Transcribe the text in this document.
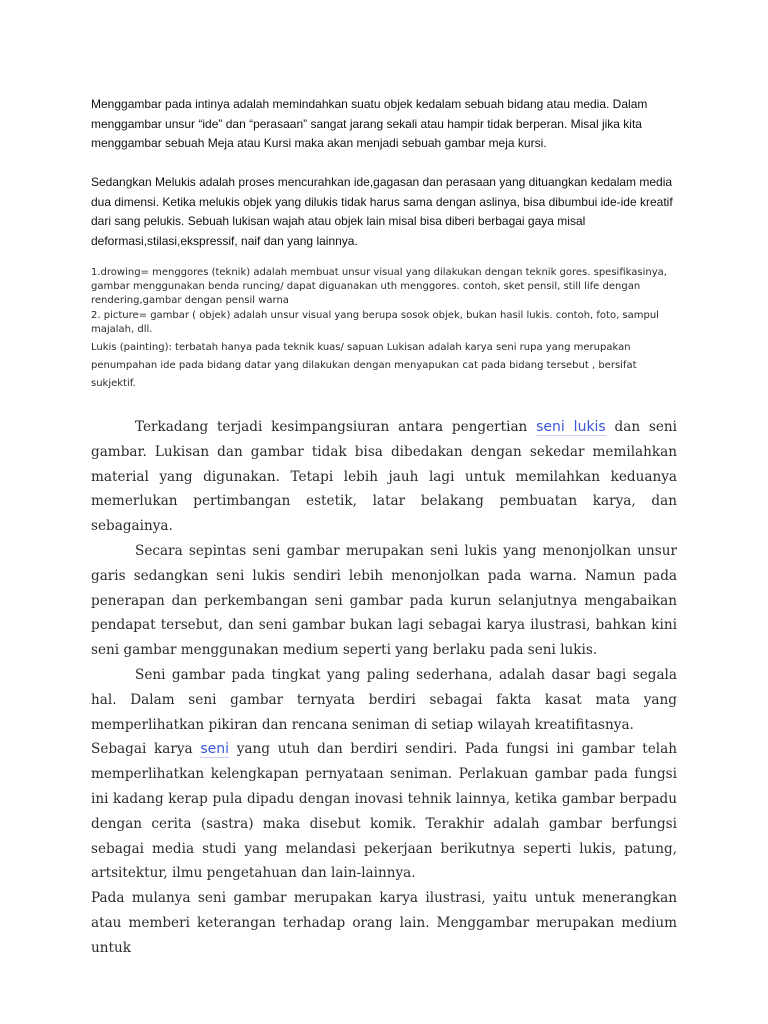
Menggambar pada intinya adalah memindahkan suatu objek kedalam sebuah bidang atau media. Dalam menggambar unsur “ide” dan “perasaan” sangat jarang sekali atau hampir tidak berperan. Misal jika kita menggambar sebuah Meja atau Kursi maka akan menjadi sebuah gambar meja kursi.

Sedangkan Melukis adalah proses mencurahkan ide,gagasan dan perasaan yang dituangkan kedalam media dua dimensi. Ketika melukis objek yang dilukis tidak harus sama dengan aslinya, bisa dibumbui ide-ide kreatif dari sang pelukis. Sebuah lukisan wajah atau objek lain misal bisa diberi berbagai gaya misal deformasi,stilasi,ekspressif, naif dan yang lainnya.

1.drowing= menggores (teknik) adalah membuat unsur visual yang dilakukan dengan teknik gores. spesifikasinya, gambar menggunakan benda runcing/ dapat diguanakan uth menggores. contoh, sket pensil, still life dengan rendering,gambar dengan pensil warna

2. picture= gambar ( objek) adalah unsur visual yang berupa sosok objek, bukan hasil lukis. contoh, foto, sampul majalah, dll.

Lukis (painting): terbatah hanya pada teknik kuas/ sapuan Lukisan adalah karya seni rupa yang merupakan penumpahan ide pada bidang datar yang dilakukan dengan menyapukan cat pada bidang tersebut , bersifat sukjektif.

Terkadang terjadi kesimpangsiuran antara pengertian seni lukis dan seni gambar. Lukisan dan gambar tidak bisa dibedakan dengan sekedar memilahkan material yang digunakan. Tetapi lebih jauh lagi untuk memilahkan keduanya memerlukan pertimbangan estetik, latar belakang pembuatan karya, dan sebagainya.

Secara sepintas seni gambar merupakan seni lukis yang menonjolkan unsur garis sedangkan seni lukis sendiri lebih menonjolkan pada warna. Namun pada penerapan dan perkembangan seni gambar pada kurun selanjutnya mengabaikan pendapat tersebut, dan seni gambar bukan lagi sebagai karya ilustrasi, bahkan kini seni gambar menggunakan medium seperti yang berlaku pada seni lukis.

Seni gambar pada tingkat yang paling sederhana, adalah dasar bagi segala hal. Dalam seni gambar ternyata berdiri sebagai fakta kasat mata yang memperlihatkan pikiran dan rencana seniman di setiap wilayah kreatifitasnya.

Sebagai karya seni yang utuh dan berdiri sendiri. Pada fungsi ini gambar telah memperlihatkan kelengkapan pernyataan seniman. Perlakuan gambar pada fungsi ini kadang kerap pula dipadu dengan inovasi tehnik lainnya, ketika gambar berpadu dengan cerita (sastra) maka disebut komik. Terakhir adalah gambar berfungsi sebagai media studi yang melandasi pekerjaan berikutnya seperti lukis, patung, artsitektur, ilmu pengetahuan dan lain-lainnya.

Pada mulanya seni gambar merupakan karya ilustrasi, yaitu untuk menerangkan atau memberi keterangan terhadap orang lain. Menggambar merupakan medium untuk
